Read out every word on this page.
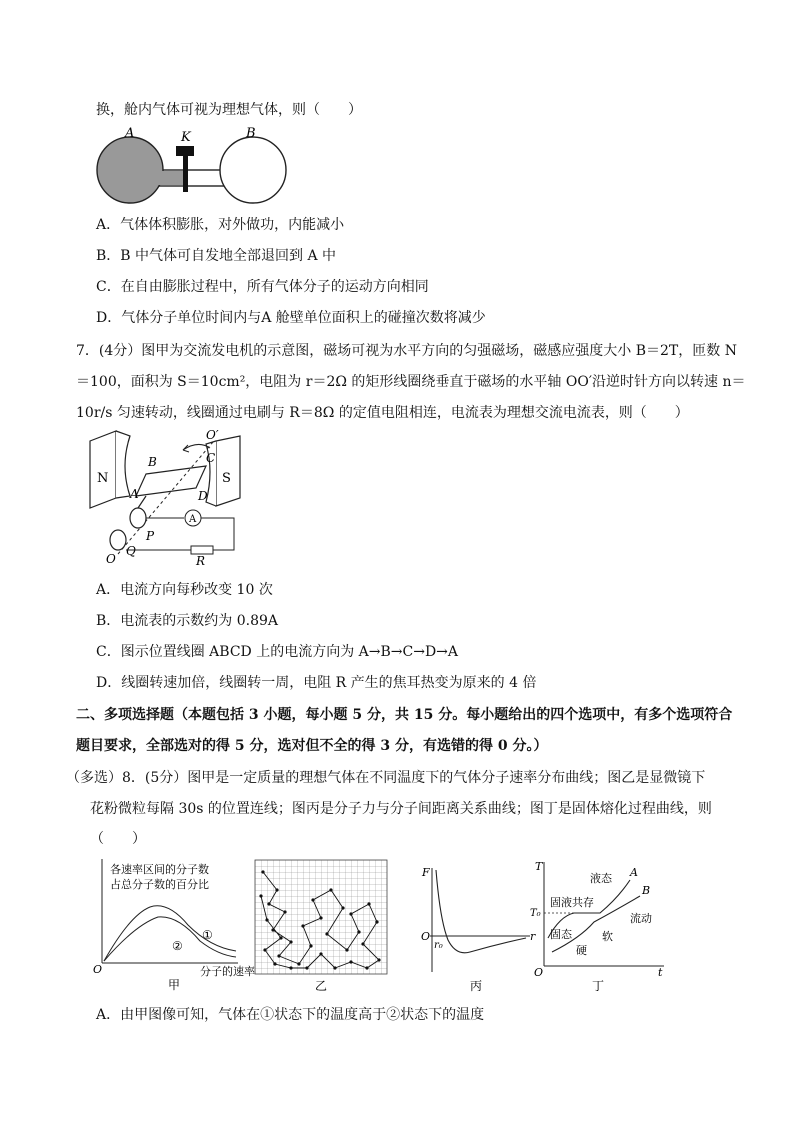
换，舱内气体可视为理想气体，则（　　）
A	K	B
A．气体体积膨胀，对外做功，内能减小
B．B 中气体可自发地全部退回到 A 中
C．在自由膨胀过程中，所有气体分子的运动方向相同
D．气体分子单位时间内与A 舱壁单位面积上的碰撞次数将减少
7．(4分）图甲为交流发电机的示意图，磁场可视为水平方向的匀强磁场，磁感应强度大小 B＝2T，匝数 N
＝100，面积为 S＝10cm²，电阻为 r＝2Ω 的矩形线圈绕垂直于磁场的水平轴 OO′沿逆时针方向以转速 n＝
10r/s 匀速转动，线圈通过电刷与 R＝8Ω 的定值电阻相连，电流表为理想交流电流表，则（　　）
N	S
O′
B	C
A	D
P
Q
O
A
R
A．电流方向每秒改变 10 次
B．电流表的示数约为 0.89A
C．图示位置线圈 ABCD 上的电流方向为 A→B→C→D→A
D．线圈转速加倍，线圈转一周，电阻 R 产生的焦耳热变为原来的 4 倍
二、多项选择题（本题包括 3 小题，每小题 5 分，共 15 分。每小题给出的四个选项中，有多个选项符合
题目要求，全部选对的得 5 分，选对但不全的得 3 分，有选错的得 0 分。）
（多选）8．(5分）图甲是一定质量的理想气体在不同温度下的气体分子速率分布曲线；图乙是显微镜下
花粉微粒每隔 30s 的位置连线；图丙是分子力与分子间距离关系曲线；图丁是固体熔化过程曲线，则
（　　）
各速率区间的分子数
占总分子数的百分比
①
②
O	分子的速率
甲	乙
F
r
O
r₀
丙
T
t
O
T₀
液态
固液共存
固态
流动
软
硬
A
B
丁
A．由甲图像可知，气体在①状态下的温度高于②状态下的温度
